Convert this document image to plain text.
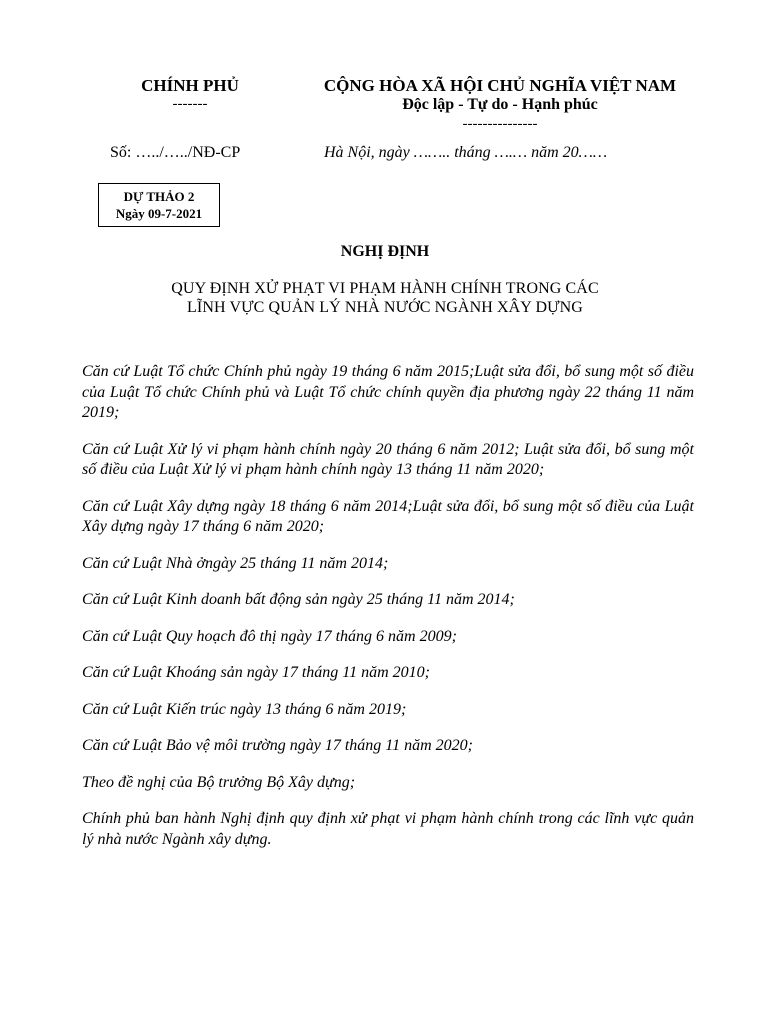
CHÍNH PHỦ
-------
CỘNG HÒA XÃ HỘI CHỦ NGHĨA VIỆT NAM
Độc lập - Tự do - Hạnh phúc
---------------
Số: …../…../NĐ-CP	Hà Nội, ngày …….. tháng ….… năm 20……
DỰ THẢO 2
Ngày 09-7-2021
NGHỊ ĐỊNH
QUY ĐỊNH XỬ PHẠT VI PHẠM HÀNH CHÍNH TRONG CÁC
LĨNH VỰC QUẢN LÝ NHÀ NƯỚC NGÀNH XÂY DỰNG

Căn cứ Luật Tổ chức Chính phủ ngày 19 tháng 6 năm 2015;Luật sửa đổi, bổ sung một số điều của Luật Tổ chức Chính phủ và Luật Tổ chức chính quyền địa phương ngày 22 tháng 11 năm 2019;

Căn cứ Luật Xử lý vi phạm hành chính ngày 20 tháng 6 năm 2012; Luật sửa đổi, bổ sung một số điều của Luật Xử lý vi phạm hành chính ngày 13 tháng 11 năm 2020;

Căn cứ Luật Xây dựng ngày 18 tháng 6 năm 2014;Luật sửa đổi, bổ sung một số điều của Luật Xây dựng ngày 17 tháng 6 năm 2020;

Căn cứ Luật Nhà ởngày 25 tháng 11 năm 2014;

Căn cứ Luật Kinh doanh bất động sản ngày 25 tháng 11 năm 2014;

Căn cứ Luật Quy hoạch đô thị ngày 17 tháng 6 năm 2009;

Căn cứ Luật Khoáng sản ngày 17 tháng 11 năm 2010;

Căn cứ Luật Kiến trúc ngày 13 tháng 6 năm 2019;

Căn cứ Luật Bảo vệ môi trường ngày 17 tháng 11 năm 2020;

Theo đề nghị của Bộ trưởng Bộ Xây dựng;

Chính phủ ban hành Nghị định quy định xử phạt vi phạm hành chính trong các lĩnh vực quản lý nhà nước Ngành xây dựng.
